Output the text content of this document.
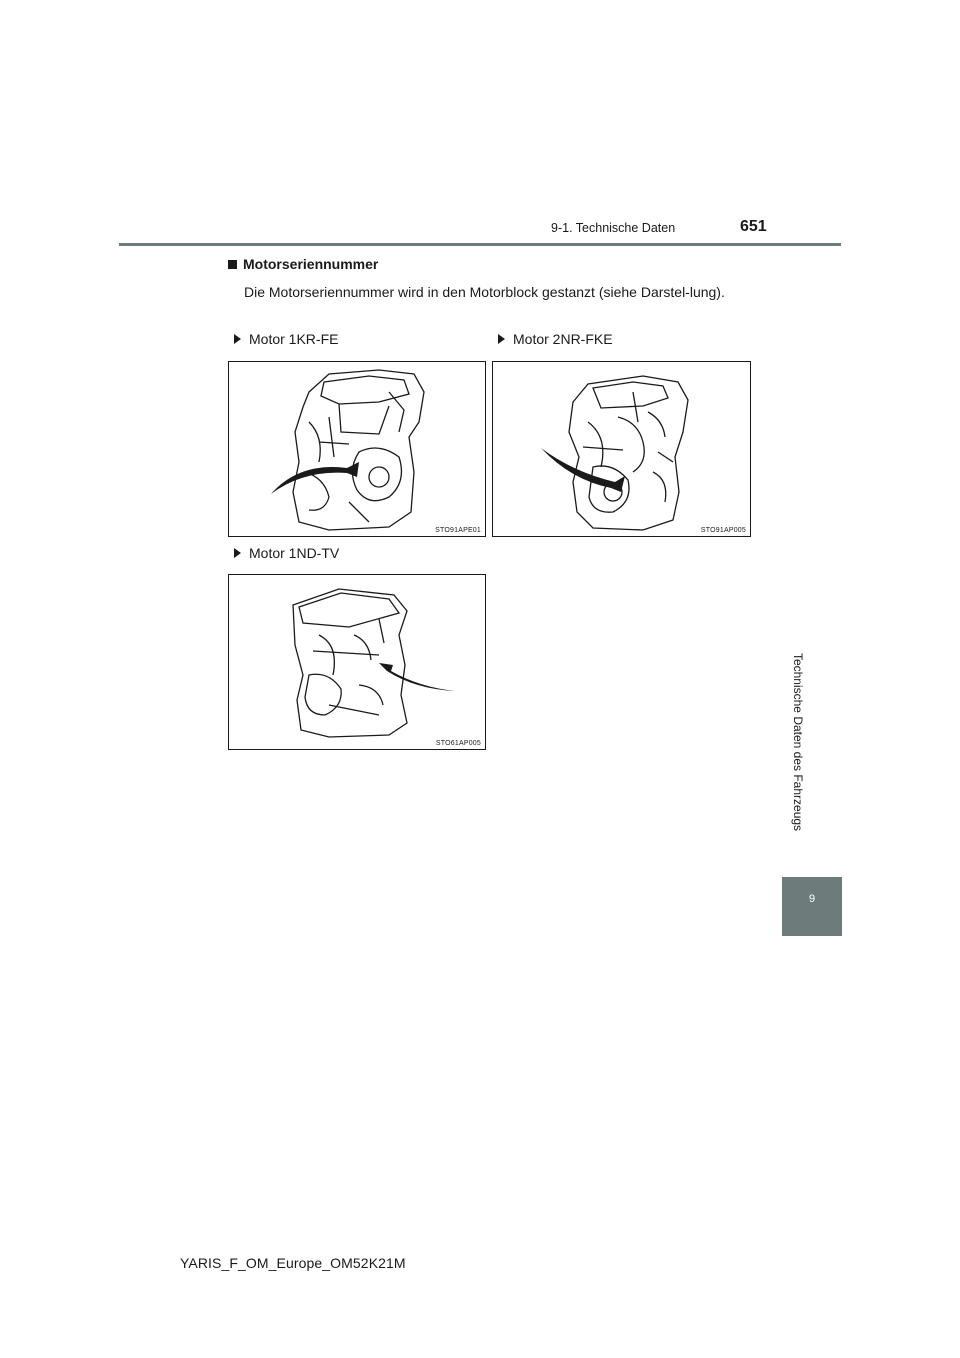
9-1. Technische Daten	651
Motorseriennummer
Die Motorseriennummer wird in den Motorblock gestanzt (siehe Darstel-lung).
Motor 1KR-FE	Motor 2NR-FKE
STO91APE01	STO91AP005
Motor 1ND-TV
STO61AP005	Technische Daten des Fahrzeugs
9
YARIS_F_OM_Europe_OM52K21M
